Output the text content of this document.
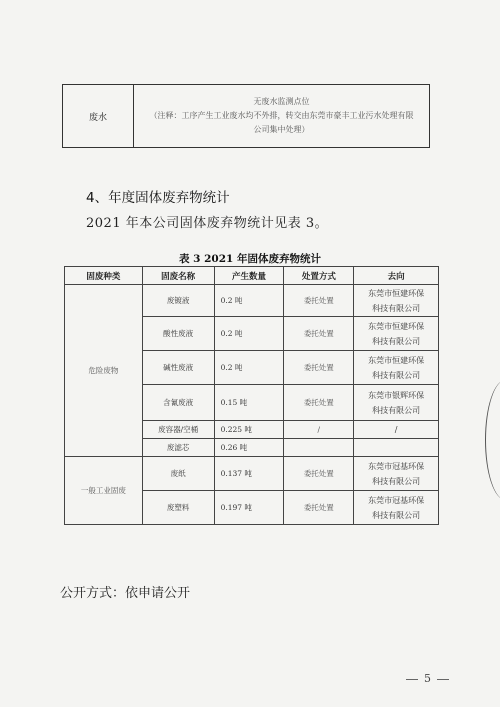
废水	
无废水监测点位
（注释：工序产生工业废水均不外排，转交由东莞市豪丰工业污水处理有限
公司集中处理）
4、年度固体废弃物统计
2021 年本公司固体废弃物统计见表 3。
表 3 2021 年固体废弃物统计
固废种类	固废名称	产生数量	处置方式	去向
危险废物	废镀液	0.2 吨	委托处置	东莞市恒建环保
科技有限公司

	酸性废液	0.2 吨	委托处置	东莞市恒建环保
科技有限公司

	碱性废液	0.2 吨	委托处置	东莞市恒建环保
科技有限公司

	含氰废液	0.15 吨	委托处置	东莞市银辉环保
科技有限公司

	废容器/空桶	0.225 吨	/	/
	废滤芯	0.26 吨		
一般工业固废	废纸	0.137 吨	委托处置	东莞市冠基环保
科技有限公司

	废塑料	0.197 吨	委托处置	东莞市冠基环保
科技有限公司
公开方式：依申请公开
5
